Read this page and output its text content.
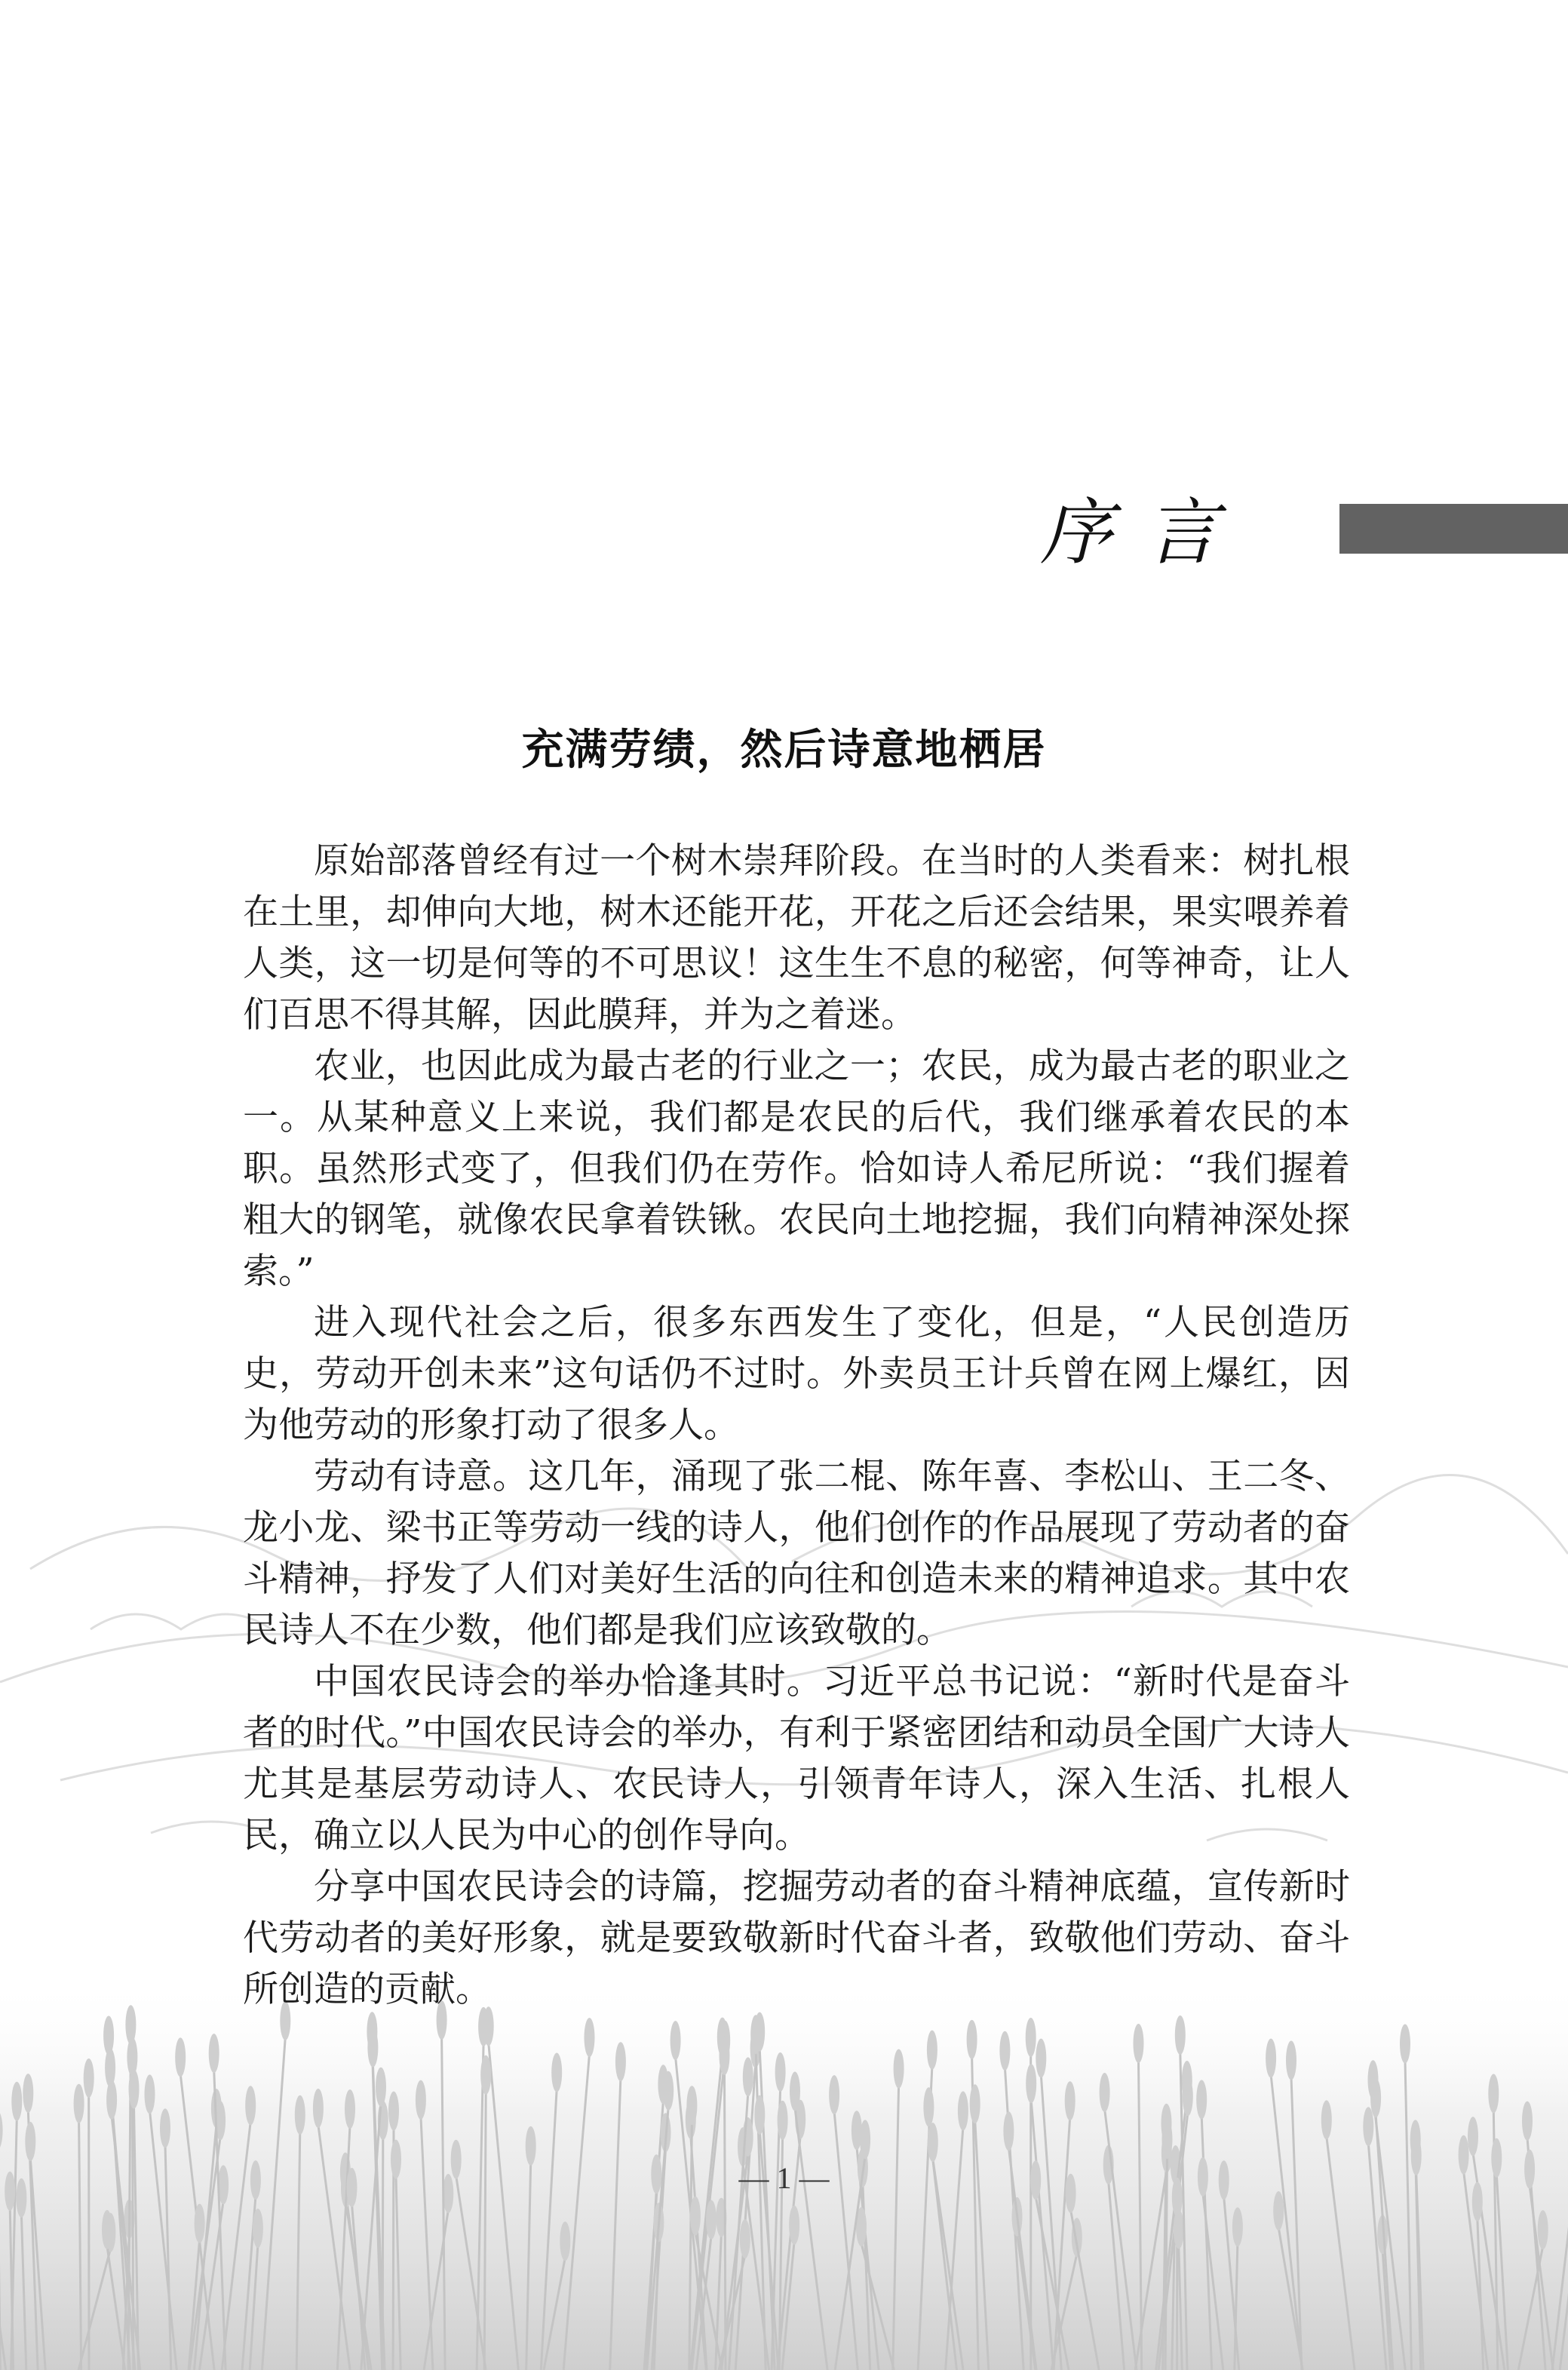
序言
充满劳绩，然后诗意地栖居

原始部落曾经有过一个树木崇拜阶段。在当时的人类看来：树扎根在土里，却伸向大地，树木还能开花，开花之后还会结果，果实喂养着人类，这一切是何等的不可思议！这生生不息的秘密，何等神奇，让人们百思不得其解，因此膜拜，并为之着迷。

农业，也因此成为最古老的行业之一；农民，成为最古老的职业之一。从某种意义上来说，我们都是农民的后代，我们继承着农民的本职。虽然形式变了，但我们仍在劳作。恰如诗人希尼所说：“我们握着粗大的钢笔，就像农民拿着铁锹。农民向土地挖掘，我们向精神深处探索。”

进入现代社会之后，很多东西发生了变化，但是，“人民创造历史，劳动开创未来”这句话仍不过时。外卖员王计兵曾在网上爆红，因为他劳动的形象打动了很多人。

劳动有诗意。这几年，涌现了张二棍、陈年喜、李松山、王二冬、龙小龙、梁书正等劳动一线的诗人，他们创作的作品展现了劳动者的奋斗精神，抒发了人们对美好生活的向往和创造未来的精神追求。其中农民诗人不在少数，他们都是我们应该致敬的。

中国农民诗会的举办恰逢其时。习近平总书记说：“新时代是奋斗者的时代。”中国农民诗会的举办，有利于紧密团结和动员全国广大诗人尤其是基层劳动诗人、农民诗人，引领青年诗人，深入生活、扎根人民，确立以人民为中心的创作导向。

分享中国农民诗会的诗篇，挖掘劳动者的奋斗精神底蕴，宣传新时代劳动者的美好形象，就是要致敬新时代奋斗者，致敬他们劳动、奋斗所创造的贡献。

— 1 —
